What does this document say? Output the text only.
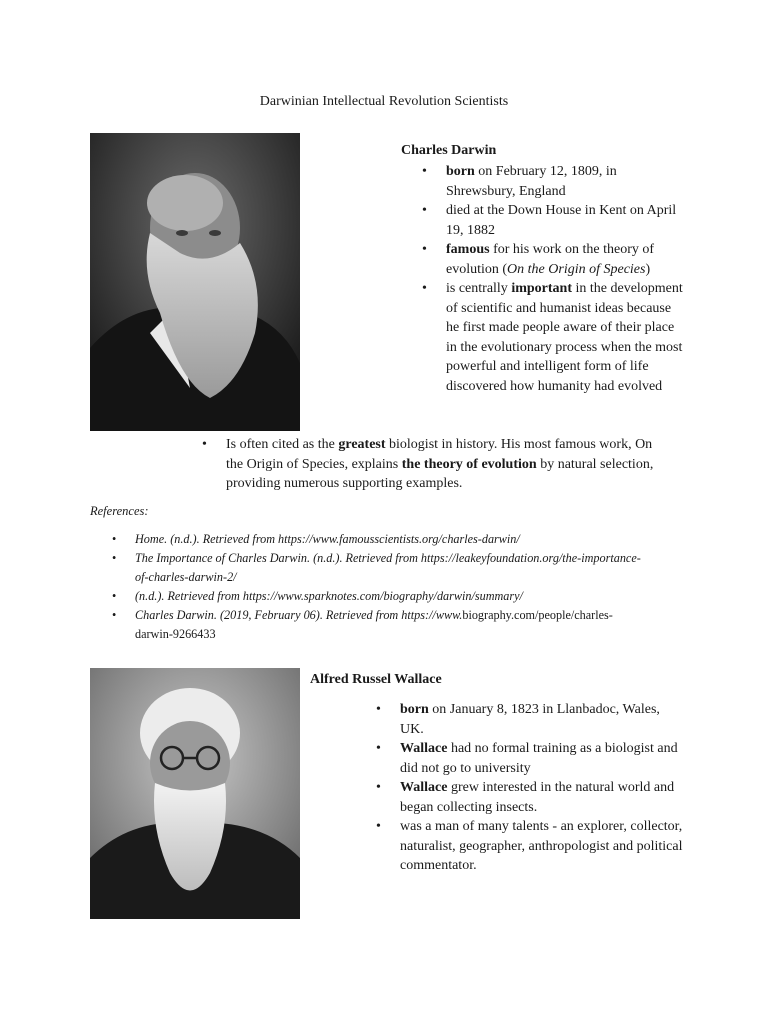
Darwinian Intellectual Revolution Scientists
Charles Darwin
• born on February 12, 1809, in Shrewsbury, England
• died at the Down House in Kent on April 19, 1882
• famous for his work on the theory of evolution (On the Origin of Species)
• is centrally important in the development of scientific and humanist ideas because he first made people aware of their place in the evolutionary process when the most powerful and intelligent form of life discovered how humanity had evolved
• Is often cited as the greatest biologist in history. His most famous work, On the Origin of Species, explains the theory of evolution by natural selection, providing numerous supporting examples.
References:
• Home. (n.d.). Retrieved from https://www.famousscientists.org/charles-darwin/
• The Importance of Charles Darwin. (n.d.). Retrieved from https://leakeyfoundation.org/the-importance-of-charles-darwin-2/
• (n.d.). Retrieved from https://www.sparknotes.com/biography/darwin/summary/
• Charles Darwin. (2019, February 06). Retrieved from https://www.biography.com/people/charles-darwin-9266433
Alfred Russel Wallace
• born on January 8, 1823 in Llanbadoc, Wales, UK.
• Wallace had no formal training as a biologist and did not go to university
• Wallace grew interested in the natural world and began collecting insects.
• was a man of many talents - an explorer, collector, naturalist, geographer, anthropologist and political commentator.
